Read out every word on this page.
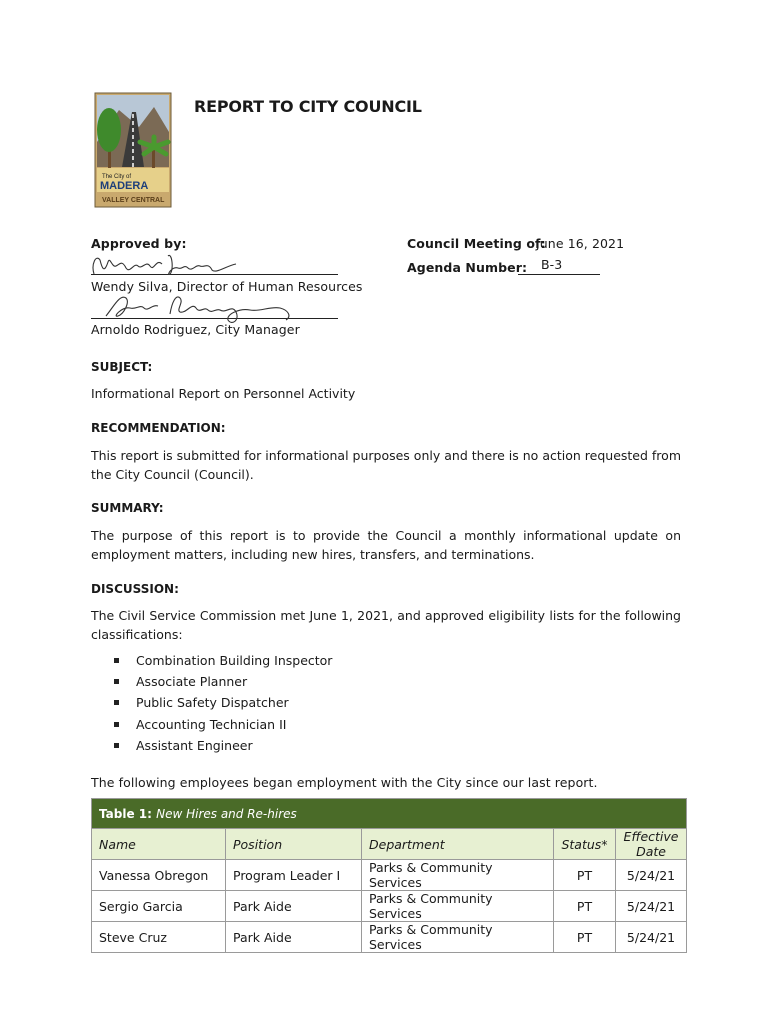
The City of
MADERA
VALLEY CENTRAL
REPORT TO CITY COUNCIL
Approved by:
Wendy Silva, Director of Human Resources
Arnoldo Rodriguez, City Manager
Council Meeting of:
June 16, 2021
Agenda Number: B-3
SUBJECT:
Informational Report on Personnel Activity
RECOMMENDATION:
This report is submitted for informational purposes only and there is no action requested from the City Council (Council).
SUMMARY:
The purpose of this report is to provide the Council a monthly informational update on employment matters, including new hires, transfers, and terminations.
DISCUSSION:
The Civil Service Commission met June 1, 2021, and approved eligibility lists for the following classifications:
Combination Building Inspector
Associate Planner
Public Safety Dispatcher
Accounting Technician II
Assistant Engineer
The following employees began employment with the City since our last report.
Table 1: New Hires and Re-hires				
Name	Position	Department	Status*	Effective Date
Vanessa Obregon	Program Leader I	Parks & Community Services	PT	5/24/21
Sergio Garcia	Park Aide	Parks & Community Services	PT	5/24/21
Steve Cruz	Park Aide	Parks & Community Services	PT	5/24/21
